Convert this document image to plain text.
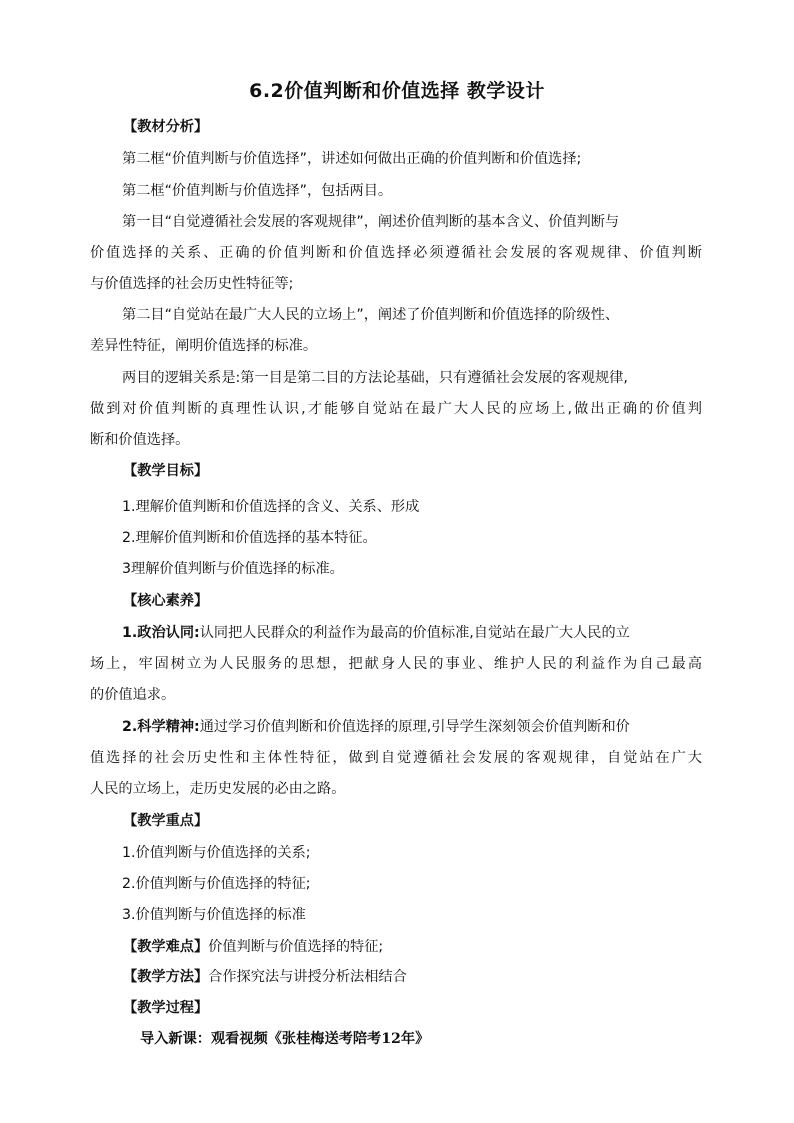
6.2价值判断和价值选择 教学设计
【教材分析】
第二框“价值判断与价值选择”，讲述如何做出正确的价值判断和价值选择;
第二框“价值判断与价值选择”，包括两目。
第一目“自觉遵循社会发展的客观规律”，阐述价值判断的基本含义、价值判断与
价值选择的关系、正确的价值判断和价值选择必须遵循社会发展的客观规律、价值判断
与价值选择的社会历史性特征等;
第二目“自觉站在最广大人民的立场上”，阐述了价值判断和价值选择的阶级性、
差异性特征，阐明价值选择的标准。
两目的逻辑关系是:第一目是第二目的方法论基础，只有遵循社会发展的客观规律,
做到对价值判断的真理性认识,才能够自觉站在最广大人民的应场上,做出正确的价值判
断和价值选择。
【教学目标】
1.理解价值判断和价值选择的含义、关系、形成
2.理解价值判断和价值选择的基本特征。
3理解价值判断与价值选择的标准。
【核心素养】
1.政治认同:认同把人民群众的利益作为最高的价值标准,自觉站在最广大人民的立
场上，牢固树立为人民服务的思想，把献身人民的事业、维护人民的利益作为自己最高
的价值追求。
2.科学精神:通过学习价值判断和价值选择的原理,引导学生深刻领会价值判断和价
值选择的社会历史性和主体性特征，做到自觉遵循社会发展的客观规律，自觉站在广大
人民的立场上，走历史发展的必由之路。
【教学重点】
1.价值判断与价值选择的关系;
2.价值判断与价值选择的特征;
3.价值判断与价值选择的标准
【教学难点】价值判断与价值选择的特征;
【教学方法】合作探究法与讲授分析法相结合
【教学过程】
导入新课：观看视频《张桂梅送考陪考12年》
